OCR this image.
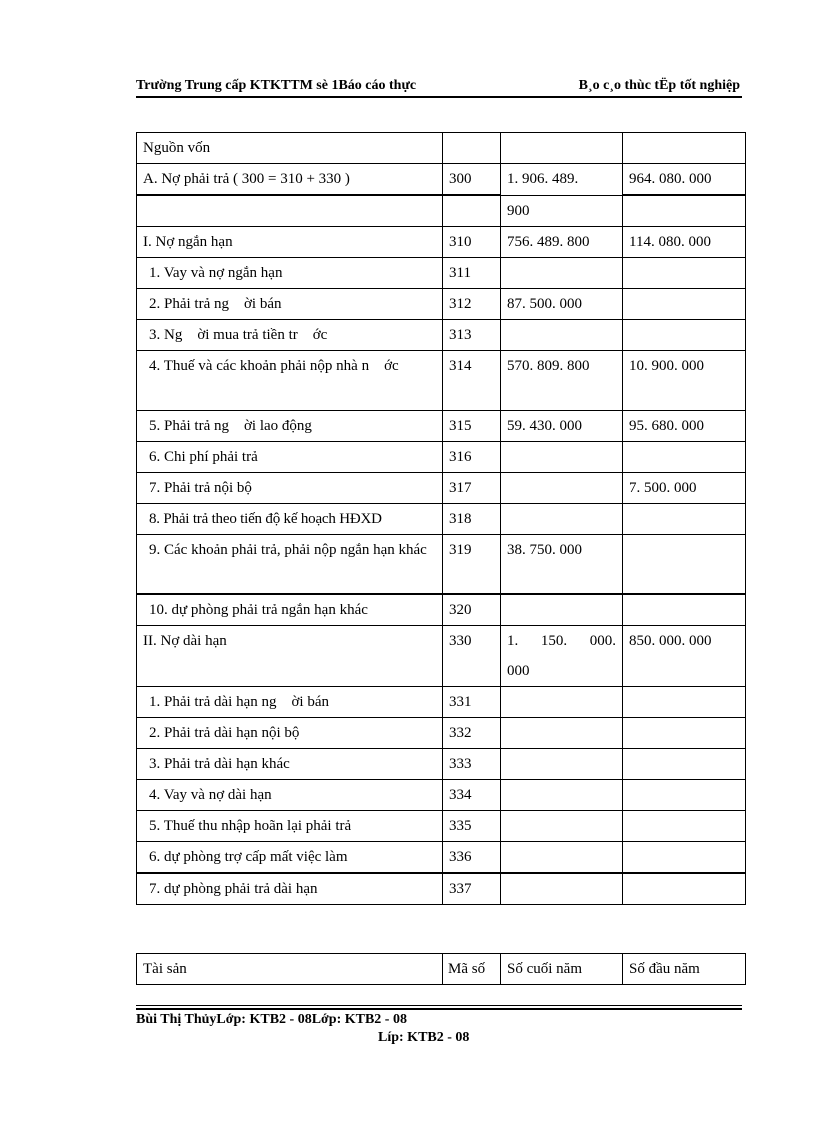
Trường Trung cấp KTKTTM sè 1Báo cáo thực	B¸o c¸o thùc tËp tốt nghiệp
Nguồn vốn			
A. Nợ phải trả ( 300 = 310 + 330 )	300	1. 906. 489.	964. 080. 000
		900	
I. Nợ ngắn hạn	310	756. 489. 800	114. 080. 000
1. Vay và nợ ngắn hạn	311		
2. Phải trả ng    ời bán	312	87. 500. 000	
3. Ng    ời mua trả tiền tr    ớc	313		
4. Thuế và các khoản phải nộp nhà n    ớc	314	570. 809. 800	10. 900. 000
5. Phải trả ng    ời lao động	315	59. 430. 000	95. 680. 000
6. Chi phí phải trả	316		
7. Phải trả nội bộ	317		7. 500. 000
8. Phải trả theo tiến độ kế hoạch HĐXD	318		
9. Các khoản phải trả, phải nộp ngắn hạn khác	319	38. 750. 000	
10. dự phòng phải trả ngắn hạn khác	320		
II. Nợ dài hạn	330	1. 150. 000. 000	850. 000. 000
1. Phải trả dài hạn ng    ời bán	331		
2. Phải trả dài hạn nội bộ	332		
3. Phải trả dài hạn khác	333		
4. Vay và nợ dài hạn	334		
5. Thuế thu nhập hoãn lại phải trả	335		
6. dự phòng trợ cấp mất việc làm	336		
7. dự phòng phải trả dài hạn	337		
Tài sản	Mã số	Số cuối năm	Số đầu năm
Bùi Thị ThủyLớp: KTB2 - 08Lớp: KTB2 - 08
Líp: KTB2 - 08
